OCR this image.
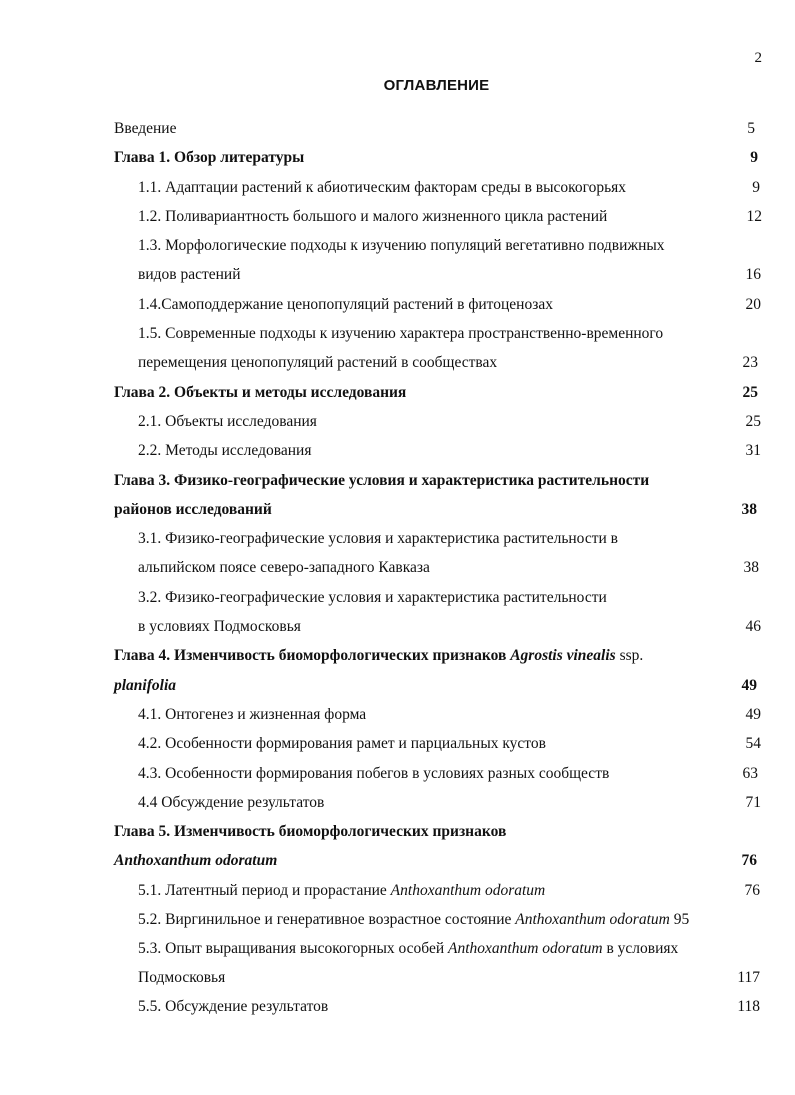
2
ОГЛАВЛЕНИЕ
Введение	5
Глава 1. Обзор литературы	9
1.1. Адаптации растений к абиотическим факторам среды в высокогорьях	9
1.2. Поливариантность большого и малого жизненного цикла растений	12
1.3. Морфологические подходы к изучению популяций вегетативно подвижных
видов растений	16
1.4.Самоподдержание ценопопуляций растений в фитоценозах	20
1.5. Современные подходы к изучению характера пространственно-временного
перемещения ценопопуляций растений в сообществах	23
Глава 2. Объекты и методы исследования	25
2.1. Объекты исследования	25
2.2. Методы исследования	31
Глава 3. Физико-географические условия и характеристика растительности
районов исследований	38
3.1. Физико-географические условия и характеристика растительности в
альпийском поясе северо-западного Кавказа	38
3.2. Физико-географические условия и характеристика растительности
в условиях Подмосковья	46
Глава 4. Изменчивость биоморфологических признаков Agrostis vinealis ssp.
planifolia	49
4.1. Онтогенез и жизненная форма	49
4.2. Особенности формирования рамет и парциальных кустов	54
4.3. Особенности формирования побегов в условиях разных сообществ	63
4.4 Обсуждение результатов	71
Глава 5. Изменчивость биоморфологических признаков
Anthoxanthum odoratum	76
5.1. Латентный период и прорастание Anthoxanthum odoratum	76
5.2. Виргинильное и генеративное возрастное состояние Anthoxanthum odoratum 95
5.3. Опыт выращивания высокогорных особей Anthoxanthum odoratum в условиях
Подмосковья	117
5.5. Обсуждение результатов	118
